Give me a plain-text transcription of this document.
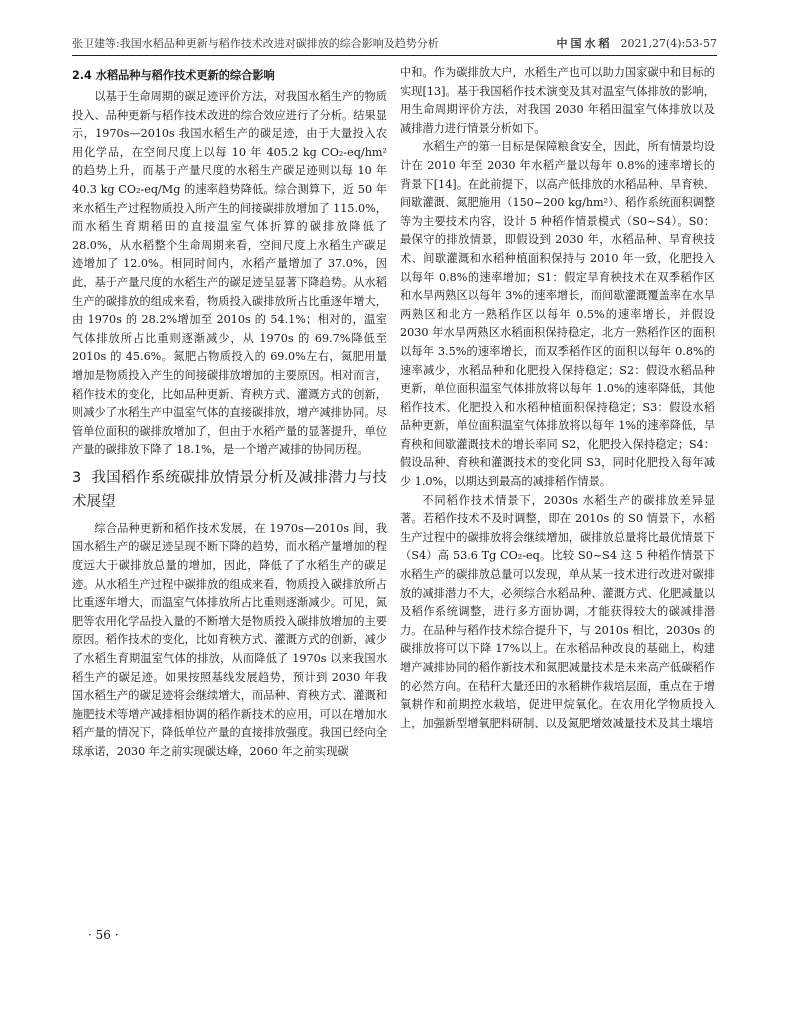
张卫建等:我国水稻品种更新与稻作技术改进对碳排放的综合影响及趋势分析	中国水稻 2021,27(4):53-57
2.4 水稻品种与稻作技术更新的综合影响

以基于生命周期的碳足迹评价方法，对我国水稻生产的物质投入、品种更新与稻作技术改进的综合效应进行了分析。结果显示，1970s—2010s 我国水稻生产的碳足迹，由于大量投入农用化学品，在空间尺度上以每 10 年 405.2 kg CO₂-eq/hm² 的趋势上升，而基于产量尺度的水稻生产碳足迹则以每 10 年 40.3 kg CO₂-eq/Mg 的速率趋势降低。综合测算下，近 50 年来水稻生产过程物质投入所产生的间接碳排放增加了 115.0%，而水稻生育期稻田的直接温室气体折算的碳排放降低了 28.0%，从水稻整个生命周期来看，空间尺度上水稻生产碳足迹增加了 12.0%。相同时间内，水稻产量增加了 37.0%，因此，基于产量尺度的水稻生产的碳足迹呈显著下降趋势。从水稻生产的碳排放的组成来看，物质投入碳排放所占比重逐年增大，由 1970s 的 28.2%增加至 2010s 的 54.1%；相对的，温室气体排放所占比重则逐渐减少，从 1970s 的 69.7%降低至 2010s 的 45.6%。氮肥占物质投入的 69.0%左右，氮肥用量增加是物质投入产生的间接碳排放增加的主要原因。相对而言，稻作技术的变化，比如品种更新、育秧方式、灌溉方式的创新，则减少了水稻生产中温室气体的直接碳排放，增产减排协同。尽管单位面积的碳排放增加了，但由于水稻产量的显著提升，单位产量的碳排放下降了 18.1%，是一个增产减排的协同历程。

3 我国稻作系统碳排放情景分析及减排潜力与技术展望

综合品种更新和稻作技术发展，在 1970s—2010s 间，我国水稻生产的碳足迹呈现不断下降的趋势，而水稻产量增加的程度远大于碳排放总量的增加，因此，降低了了水稻生产的碳足迹。从水稻生产过程中碳排放的组成来看，物质投入碳排放所占比重逐年增大，而温室气体排放所占比重则逐渐减少。可见，氮肥等农用化学品投入量的不断增大是物质投入碳排放增加的主要原因。稻作技术的变化，比如育秧方式、灌溉方式的创新，减少了水稻生育期温室气体的排放，从而降低了 1970s 以来我国水稻生产的碳足迹。如果按照基线发展趋势，预计到 2030 年我国水稻生产的碳足迹将会继续增大，而品种、育秧方式、灌溉和施肥技术等增产减排相协调的稻作新技术的应用，可以在增加水稻产量的情况下，降低单位产量的直接排放强度。我国已经向全球承诺，2030 年之前实现碳达峰，2060 年之前实现碳

中和。作为碳排放大户，水稻生产也可以助力国家碳中和目标的实现[13]。基于我国稻作技术演变及其对温室气体排放的影响，用生命周期评价方法，对我国 2030 年稻田温室气体排放以及减排潜力进行情景分析如下。

水稻生产的第一目标是保障粮食安全，因此，所有情景均设计在 2010 年至 2030 年水稻产量以每年 0.8%的速率增长的背景下[14]。在此前提下，以高产低排放的水稻品种、旱育秧、间歇灌溉、氮肥施用（150~200 kg/hm²）、稻作系统面积调整等为主要技术内容，设计 5 种稻作情景模式（S0~S4）。S0：最保守的排放情景，即假设到 2030 年，水稻品种、旱育秧技术、间歇灌溉和水稻种植面积保持与 2010 年一致，化肥投入以每年 0.8%的速率增加；S1：假定旱育秧技术在双季稻作区和水旱两熟区以每年 3%的速率增长，而间歇灌溉覆盖率在水旱两熟区和北方一熟稻作区以每年 0.5%的速率增长，并假设 2030 年水旱两熟区水稻面积保持稳定，北方一熟稻作区的面积以每年 3.5%的速率增长，而双季稻作区的面积以每年 0.8%的速率减少，水稻品种和化肥投入保持稳定；S2：假设水稻品种更新，单位面积温室气体排放将以每年 1.0%的速率降低，其他稻作技术、化肥投入和水稻种植面积保持稳定；S3：假设水稻品种更新，单位面积温室气体排放将以每年 1%的速率降低，旱育秧和间歇灌溉技术的增长率同 S2，化肥投入保持稳定；S4：假设品种、育秧和灌溉技术的变化同 S3，同时化肥投入每年减少 1.0%，以期达到最高的减排稻作情景。

不同稻作技术情景下，2030s 水稻生产的碳排放差异显著。若稻作技术不及时调整，即在 2010s 的 S0 情景下，水稻生产过程中的碳排放将会继续增加，碳排放总量将比最优情景下（S4）高 53.6 Tg CO₂-eq。比较 S0~S4 这 5 种稻作情景下水稻生产的碳排放总量可以发现，单从某一技术进行改进对碳排放的减排潜力不大，必须综合水稻品种、灌溉方式、化肥减量以及稻作系统调整，进行多方面协调，才能获得较大的碳减排潜力。在品种与稻作技术综合提升下，与 2010s 相比，2030s 的碳排放将可以下降 17%以上。在水稻品种改良的基础上，构建增产减排协同的稻作新技术和氮肥减量技术是未来高产低碳稻作的必然方向。在秸秆大量还田的水稻耕作栽培层面，重点在于增氧耕作和前期控水栽培，促进甲烷氧化。在农用化学物质投入上，加强新型增氧肥料研制、以及氮肥增效减量技术及其土壤培

· 56 ·
